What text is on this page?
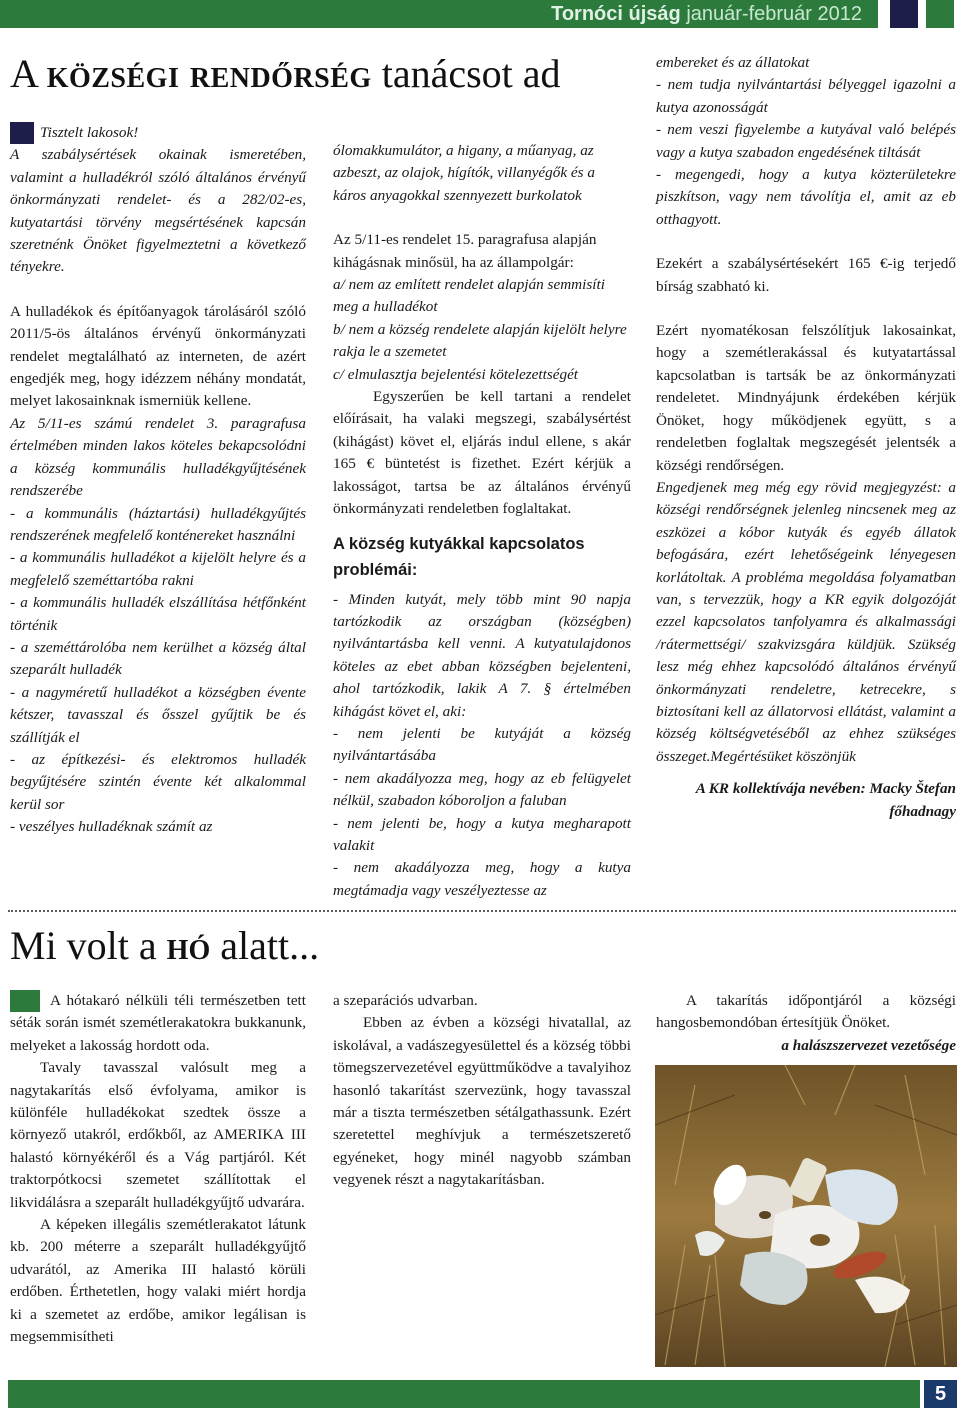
Tornóci újság január-február 2012
A községi rendőrség tanácsot ad

Tisztelt lakosok!

A szabálysértések okainak ismeretében, valamint a hulladékról szóló általános érvényű önkormányzati rendelet- és a 282/02-es, kutyatartási törvény megsértésének kapcsán szeretnénk Önöket figyelmeztetni a következő tényekre.

A hulladékok és építőanyagok tárolásáról szóló 2011/5-ös általános érvényű önkormányzati rendelet megtalálható az interneten, de azért engedjék meg, hogy idézzem néhány mondatát, melyet lakosainknak ismerniük kellene.

Az 5/11-es számú rendelet 3. paragrafusa értelmében minden lakos köteles bekapcsolódni a község kommunális hulladékgyűjtésének rendszerébe

- a kommunális (háztartási) hulladékgyűjtés rendszerének megfelelő konténereket használni

- a kommunális hulladékot a kijelölt helyre és a megfelelő szeméttartóba rakni

- a kommunális hulladék elszállítása hétfőnként történik

- a szeméttárolóba nem kerülhet a község által szeparált hulladék

- a nagyméretű hulladékot a községben évente kétszer, tavasszal és ősszel gyűjtik be és szállítják el

- az építkezési- és elektromos hulladék begyűjtésére szintén évente két alkalommal kerül sor

- veszélyes hulladéknak számít az

ólomakkumulátor, a higany, a műanyag, az azbeszt, az olajok, hígítók, villanyégők és a káros anyagokkal szennyezett burkolatok

Az 5/11-es rendelet 15. paragrafusa alapján kihágásnak minősül, ha az állampolgár:

a/ nem az említett rendelet alapján semmisíti meg a hulladékot

b/ nem a község rendelete alapján kijelölt helyre rakja le a szemetet

c/ elmulasztja bejelentési kötelezettségét

Egyszerűen be kell tartani a rendelet előírásait, ha valaki megszegi, szabálysértést (kihágást) követ el, eljárás indul ellene, s akár 165 € büntetést is fizethet. Ezért kérjük a lakosságot, tartsa be az általános érvényű önkormányzati rendeletben foglaltakat.

A község kutyákkal kapcsolatos problémái:

- Minden kutyát, mely több mint 90 napja tartózkodik az országban (községben) nyilvántartásba kell venni. A kutyatulajdonos köteles az ebet abban községben bejelenteni, ahol tartózkodik, lakik A 7. § értelmében kihágást követ el, aki:

- nem jelenti be kutyáját a község nyilvántartásába

- nem akadályozza meg, hogy az eb felügyelet nélkül, szabadon kóboroljon a faluban

- nem jelenti be, hogy a kutya megharapott valakit

- nem akadályozza meg, hogy a kutya megtámadja vagy veszélyeztesse az

embereket és az állatokat

- nem tudja nyilvántartási bélyeggel igazolni a kutya azonosságát

- nem veszi figyelembe a kutyával való belépés vagy a kutya szabadon engedésének tiltását

- megengedi, hogy a kutya közterületekre piszkítson, vagy nem távolítja el, amit az eb otthagyott.

Ezekért a szabálysértésekért 165 €-ig terjedő bírság szabható ki.

Ezért nyomatékosan felszólítjuk lakosainkat, hogy a szemétlerakással és kutyatartással kapcsolatban is tartsák be az önkormányzati rendeletet. Mindnyájunk érdekében kérjük Önöket, hogy működjenek együtt, s a rendeletben foglaltak megszegését jelentsék a községi rendőrségen.

Engedjenek meg még egy rövid megjegyzést: a községi rendőrségnek jelenleg nincsenek meg az eszközei a kóbor kutyák és egyéb állatok befogására, ezért lehetőségeink lényegesen korlátoltak. A probléma megoldása folyamatban van, s tervezzük, hogy a KR egyik dolgozóját ezzel kapcsolatos tanfolyamra és alkalmassági /rátermettségi/ szakvizsgára küldjük. Szükség lesz még ehhez kapcsolódó általános érvényű önkormányzati rendeletre, ketrecekre, s biztosítani kell az állatorvosi ellátást, valamint a község költségvetéséből az ehhez szükséges összeget.Megértésüket köszönjük

A KR kollektívája nevében: Macky Štefan főhadnagy

Mi volt a hó alatt...

A hótakaró nélküli téli természetben tett séták során ismét szemétlerakatokra bukkanunk, melyeket a lakosság hordott oda.

Tavaly tavasszal valósult meg a nagytakarítás első évfolyama, amikor is különféle hulladékokat szedtek össze a környező utakról, erdőkből, az AMERIKA III halastó környékéről és a Vág partjáról. Két traktorpótkocsi szemetet szállítottak el likvidálásra a szeparált hulladékgyűjtő udvarára.

A képeken illegális szemétlerakatot látunk kb. 200 méterre a szeparált hulladékgyűjtő udvarától, az Amerika III halastó körüli erdőben. Érthetetlen, hogy valaki miért hordja ki a szemetet az erdőbe, amikor legálisan is megsemmisítheti

a szeparációs udvarban.

Ebben az évben a községi hivatallal, az iskolával, a vadászegyesülettel és a község többi tömegszervezetével együttműködve a tavalyihoz hasonló takarítást szervezünk, hogy tavasszal már a tiszta természetben sétálgathassunk. Ezért szeretettel meghívjuk a természetszerető egyéneket, hogy minél nagyobb számban vegyenek részt a nagytakarításban.

A takarítás időpontjáról a községi hangosbemondóban értesítjük Önöket.

a halászszervezet vezetősége

5
